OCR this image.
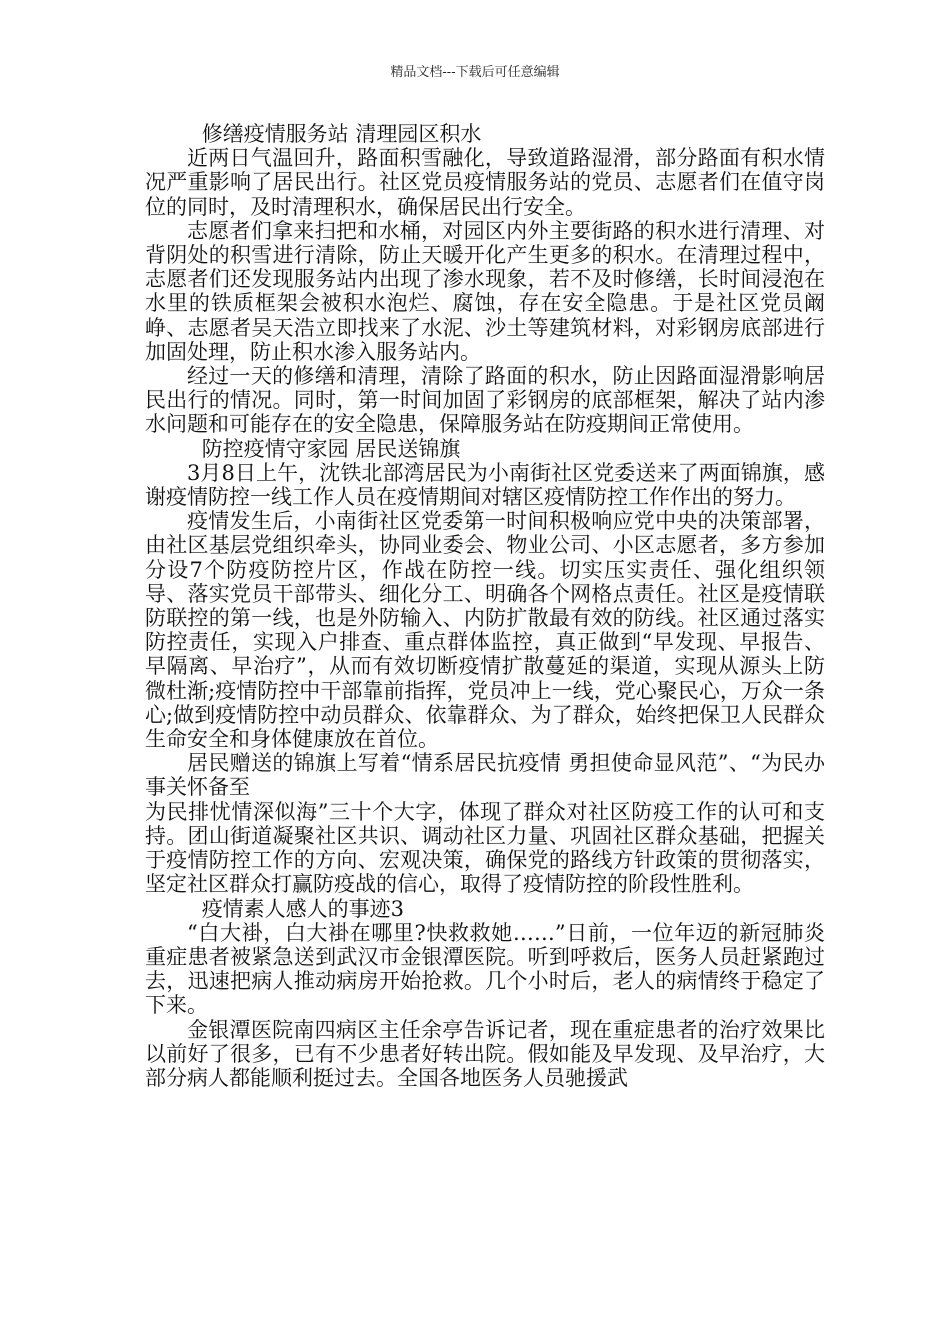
精品文档---下载后可任意编辑

修缮疫情服务站 清理园区积水

近两日气温回升，路面积雪融化，导致道路湿滑，部分路面有积水情况严重影响了居民出行。社区党员疫情服务站的党员、志愿者们在值守岗位的同时，及时清理积水，确保居民出行安全。

志愿者们拿来扫把和水桶，对园区内外主要街路的积水进行清理、对背阴处的积雪进行清除，防止天暖开化产生更多的积水。在清理过程中，志愿者们还发现服务站内出现了渗水现象，若不及时修缮，长时间浸泡在水里的铁质框架会被积水泡烂、腐蚀，存在安全隐患。于是社区党员阚峥、志愿者吴天浩立即找来了水泥、沙土等建筑材料，对彩钢房底部进行加固处理，防止积水渗入服务站内。

经过一天的修缮和清理，清除了路面的积水，防止因路面湿滑影响居民出行的情况。同时，第一时间加固了彩钢房的底部框架，解决了站内渗水问题和可能存在的安全隐患，保障服务站在防疫期间正常使用。

防控疫情守家园 居民送锦旗

3月8日上午，沈铁北部湾居民为小南街社区党委送来了两面锦旗，感谢疫情防控一线工作人员在疫情期间对辖区疫情防控工作作出的努力。

疫情发生后，小南街社区党委第一时间积极响应党中央的决策部署，由社区基层党组织牵头，协同业委会、物业公司、小区志愿者，多方参加分设7个防疫防控片区，作战在防控一线。切实压实责任、强化组织领导、落实党员干部带头、细化分工、明确各个网格点责任。社区是疫情联防联控的第一线，也是外防输入、内防扩散最有效的防线。社区通过落实防控责任，实现入户排查、重点群体监控，真正做到“早发现、早报告、早隔离、早治疗”，从而有效切断疫情扩散蔓延的渠道，实现从源头上防微杜渐;疫情防控中干部靠前指挥，党员冲上一线，党心聚民心，万众一条心;做到疫情防控中动员群众、依靠群众、为了群众，始终把保卫人民群众生命安全和身体健康放在首位。

居民赠送的锦旗上写着“情系居民抗疫情 勇担使命显风范”、“为民办事关怀备至

为民排忧情深似海”三十个大字，体现了群众对社区防疫工作的认可和支持。团山街道凝聚社区共识、调动社区力量、巩固社区群众基础，把握关于疫情防控工作的方向、宏观决策，确保党的路线方针政策的贯彻落实，坚定社区群众打赢防疫战的信心，取得了疫情防控的阶段性胜利。

疫情素人感人的事迹3

“白大褂，白大褂在哪里?快救救她……”日前，一位年迈的新冠肺炎重症患者被紧急送到武汉市金银潭医院。听到呼救后，医务人员赶紧跑过去，迅速把病人推动病房开始抢救。几个小时后，老人的病情终于稳定了下来。

金银潭医院南四病区主任余亭告诉记者，现在重症患者的治疗效果比以前好了很多，已有不少患者好转出院。假如能及早发现、及早治疗，大部分病人都能顺利挺过去。全国各地医务人员驰援武
